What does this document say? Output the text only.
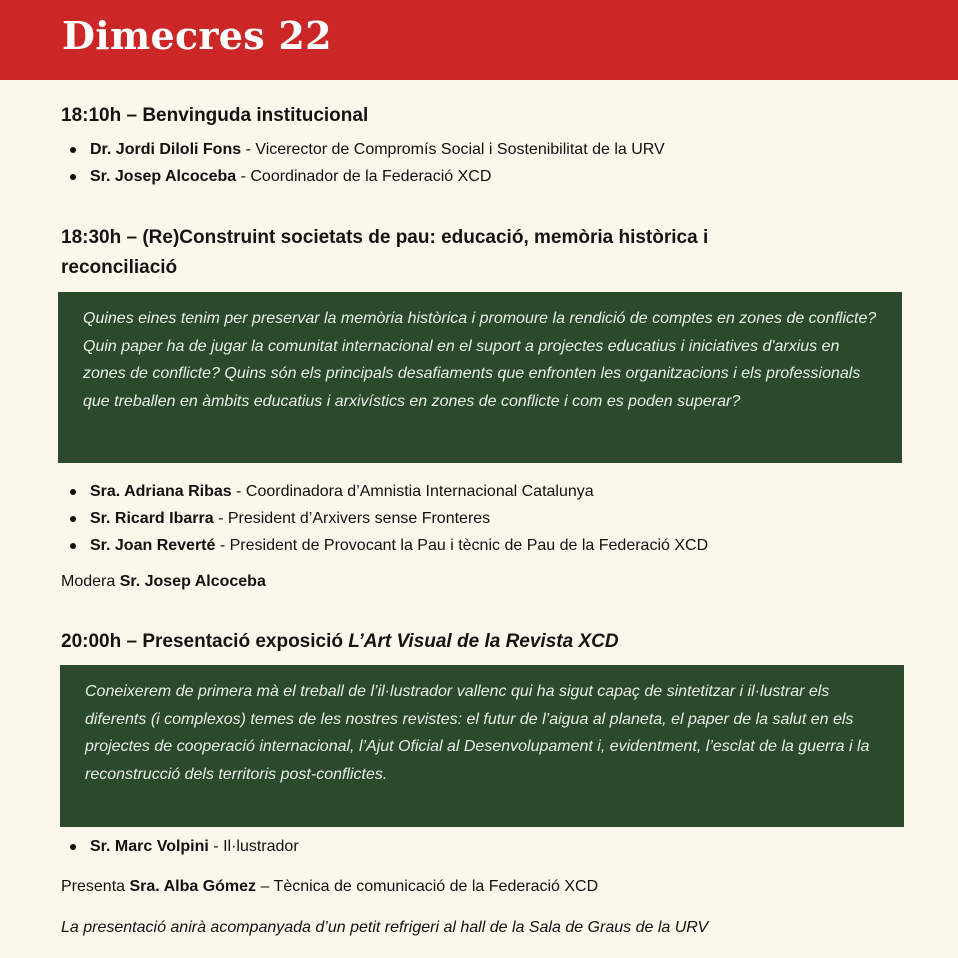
Dimecres 22
18:10h – Benvinguda institucional
Dr. Jordi Diloli Fons - Vicerector de Compromís Social i Sostenibilitat de la URV
Sr. Josep Alcoceba - Coordinador de la Federació XCD
18:30h – (Re)Construint societats de pau: educació, memòria històrica i
reconciliació
Quines eines tenim per preservar la memòria històrica i promoure la rendició de comptes en zones de conflicte? Quin paper ha de jugar la comunitat internacional en el suport a projectes educatius i iniciatives d'arxius en zones de conflicte? Quins són els principals desafiaments que enfronten les organitzacions i els professionals que treballen en àmbits educatius i arxivístics en zones de conflicte i com es poden superar?
Sra. Adriana Ribas - Coordinadora d’Amnistia Internacional Catalunya
Sr. Ricard Ibarra - President d’Arxivers sense Fronteres
Sr. Joan Reverté - President de Provocant la Pau i tècnic de Pau de la Federació XCD
Modera Sr. Josep Alcoceba
20:00h – Presentació exposició L’Art Visual de la Revista XCD
Coneixerem de primera mà el treball de l’il·lustrador vallenc qui ha sigut capaç de sintetitzar i il·lustrar els diferents (i complexos) temes de les nostres revistes: el futur de l’aigua al planeta, el paper de la salut en els projectes de cooperació internacional, l’Ajut Oficial al Desenvolupament i, evidentment, l’esclat de la guerra i la reconstrucció dels territoris post-conflictes.
Sr. Marc Volpini - Il·lustrador
Presenta Sra. Alba Gómez – Tècnica de comunicació de la Federació XCD
La presentació anirà acompanyada d’un petit refrigeri al hall de la Sala de Graus de la URV
